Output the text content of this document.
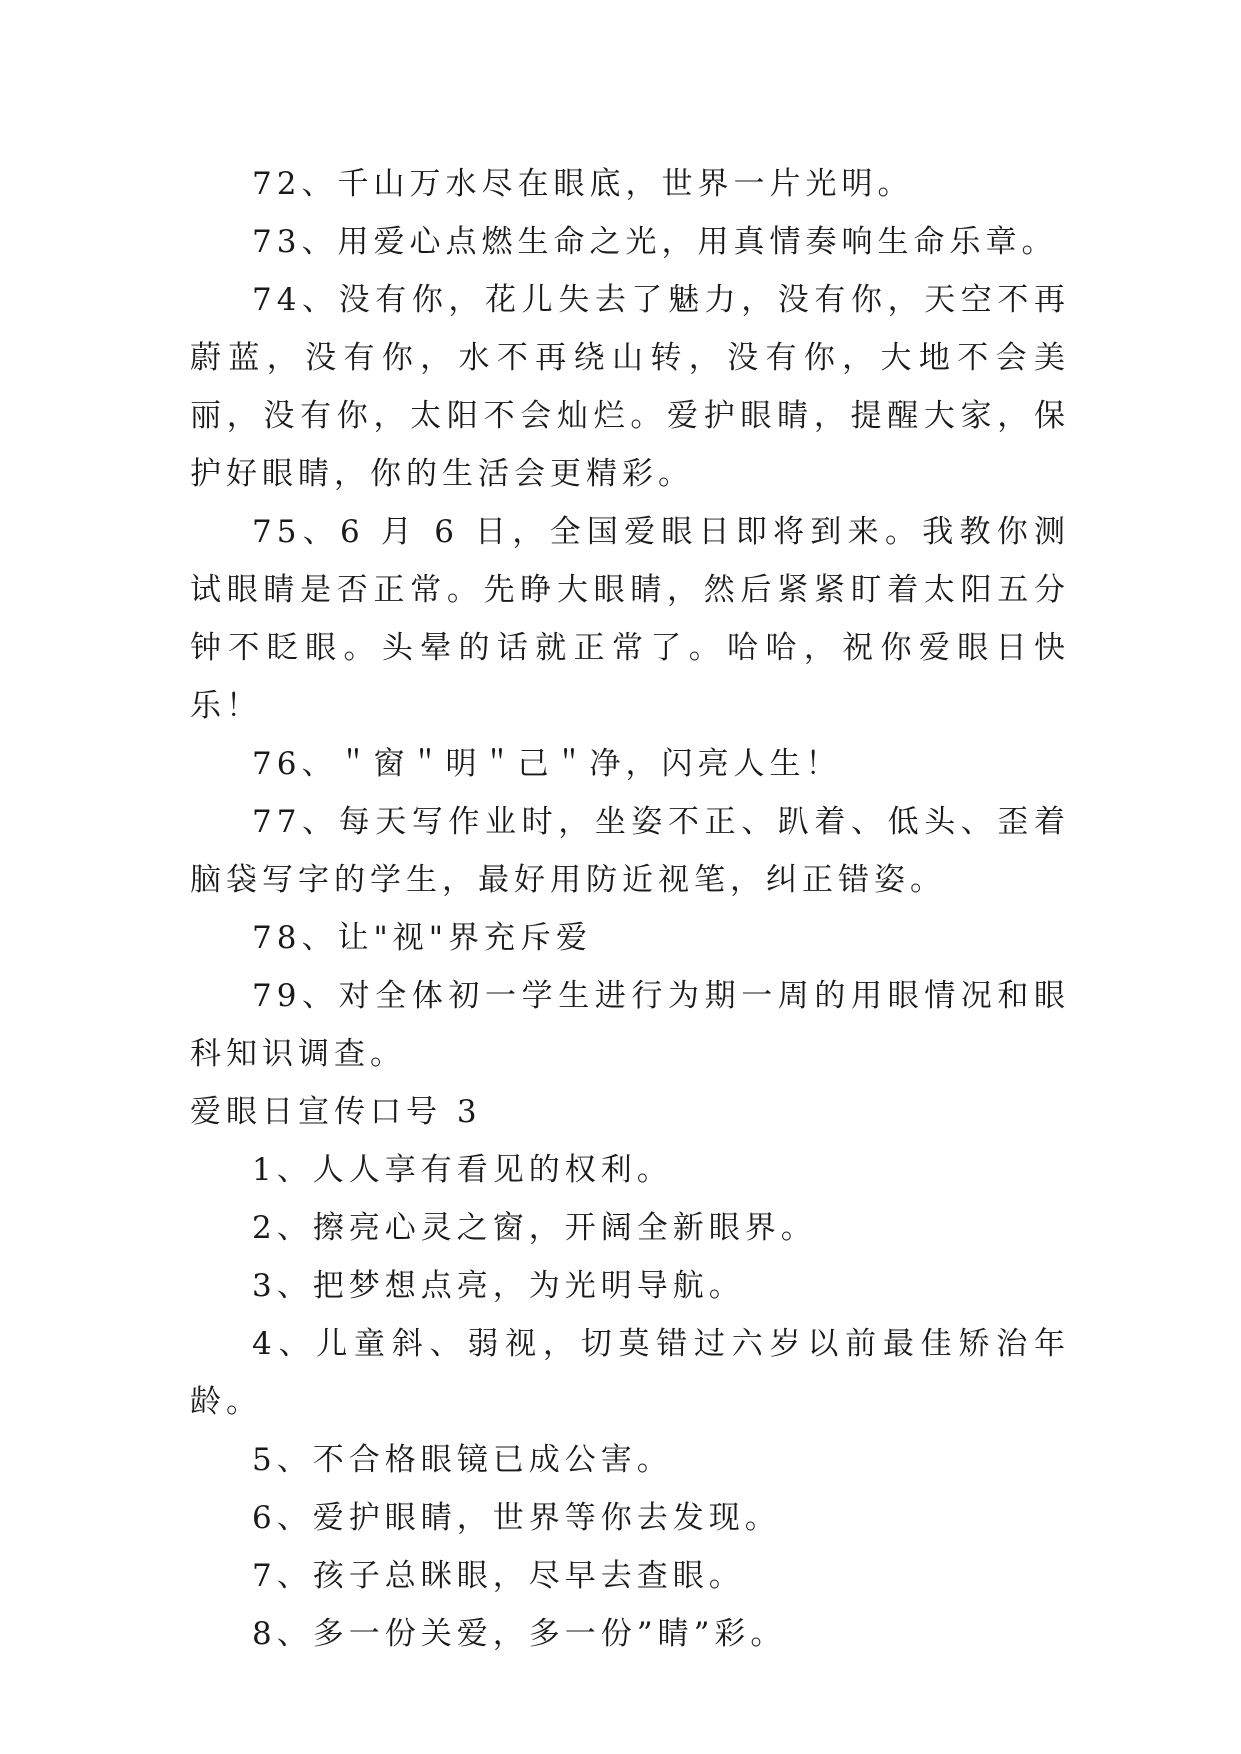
72、千山万水尽在眼底，世界一片光明。

73、用爱心点燃生命之光，用真情奏响生命乐章。

74、没有你，花儿失去了魅力，没有你，天空不再蔚蓝，没有你，水不再绕山转，没有你，大地不会美丽，没有你，太阳不会灿烂。爱护眼睛，提醒大家，保护好眼睛，你的生活会更精彩。

75、6 月 6 日，全国爱眼日即将到来。我教你测试眼睛是否正常。先睁大眼睛，然后紧紧盯着太阳五分钟不眨眼。头晕的话就正常了。哈哈，祝你爱眼日快乐！

76、＂窗＂明＂己＂净，闪亮人生！

77、每天写作业时，坐姿不正、趴着、低头、歪着脑袋写字的学生，最好用防近视笔，纠正错姿。

78、让"视"界充斥爱

79、对全体初一学生进行为期一周的用眼情况和眼科知识调查。

爱眼日宣传口号 3

1、人人享有看见的权利。

2、擦亮心灵之窗，开阔全新眼界。

3、把梦想点亮，为光明导航。

4、儿童斜、弱视，切莫错过六岁以前最佳矫治年龄。

5、不合格眼镜已成公害。

6、爱护眼睛，世界等你去发现。

7、孩子总眯眼，尽早去查眼。

8、多一份关爱，多一份”睛”彩。
